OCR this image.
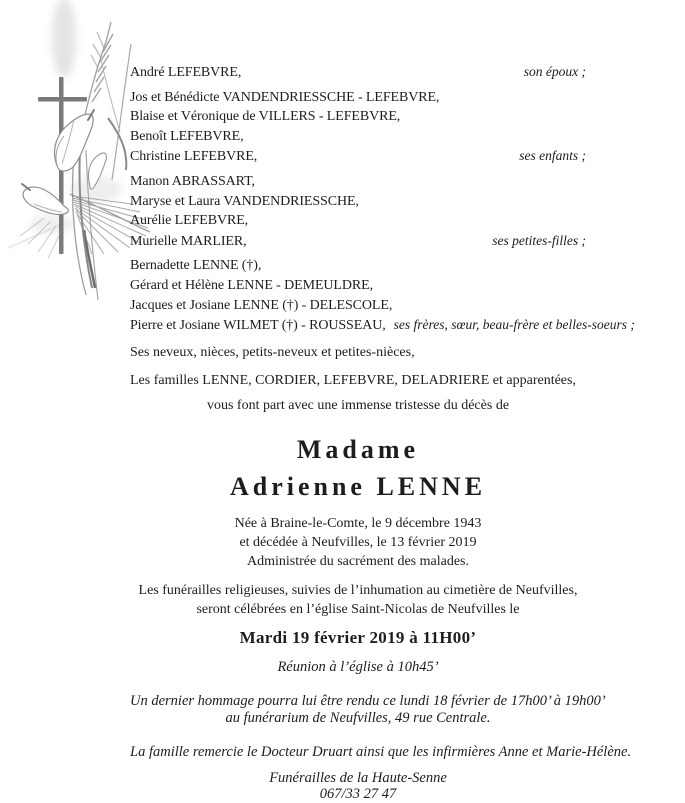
André LEFEBVRE,	son époux ;
Jos et Bénédicte VANDENDRIESSCHE - LEFEBVRE,
Blaise et Véronique de VILLERS - LEFEBVRE,
Benoît LEFEBVRE,
Christine LEFEBVRE,	ses enfants ;
Manon ABRASSART,
Maryse et Laura VANDENDRIESSCHE,
Aurélie LEFEBVRE,
Murielle MARLIER,	ses petites-filles ;
Bernadette LENNE (†),
Gérard et Hélène LENNE - DEMEULDRE,
Jacques et Josiane LENNE (†) - DELESCOLE,
Pierre et Josiane WILMET (†) - ROUSSEAU, ses frères, sœur, beau-frère et belles-soeurs ;
Ses neveux, nièces, petits-neveux et petites-nièces,
Les familles LENNE, CORDIER, LEFEBVRE, DELADRIERE et apparentées,
vous font part avec une immense tristesse du décès de
Madame
Adrienne LENNE
Née à Braine-le-Comte, le 9 décembre 1943
et décédée à Neufvilles, le 13 février 2019
Administrée du sacrément des malades.
Les funérailles religieuses, suivies de l’inhumation au cimetière de Neufvilles,
seront célébrées en l’église Saint-Nicolas de Neufvilles le
Mardi 19 février 2019 à 11H00’
Réunion à l’église à 10h45’
Un dernier hommage pourra lui être rendu ce lundi 18 février de 17h00’ à 19h00’
au funérarium de Neufvilles, 49 rue Centrale.
La famille remercie le Docteur Druart ainsi que les infirmières Anne et Marie-Hélène.
Funérailles de la Haute-Senne
067/33 27 47
